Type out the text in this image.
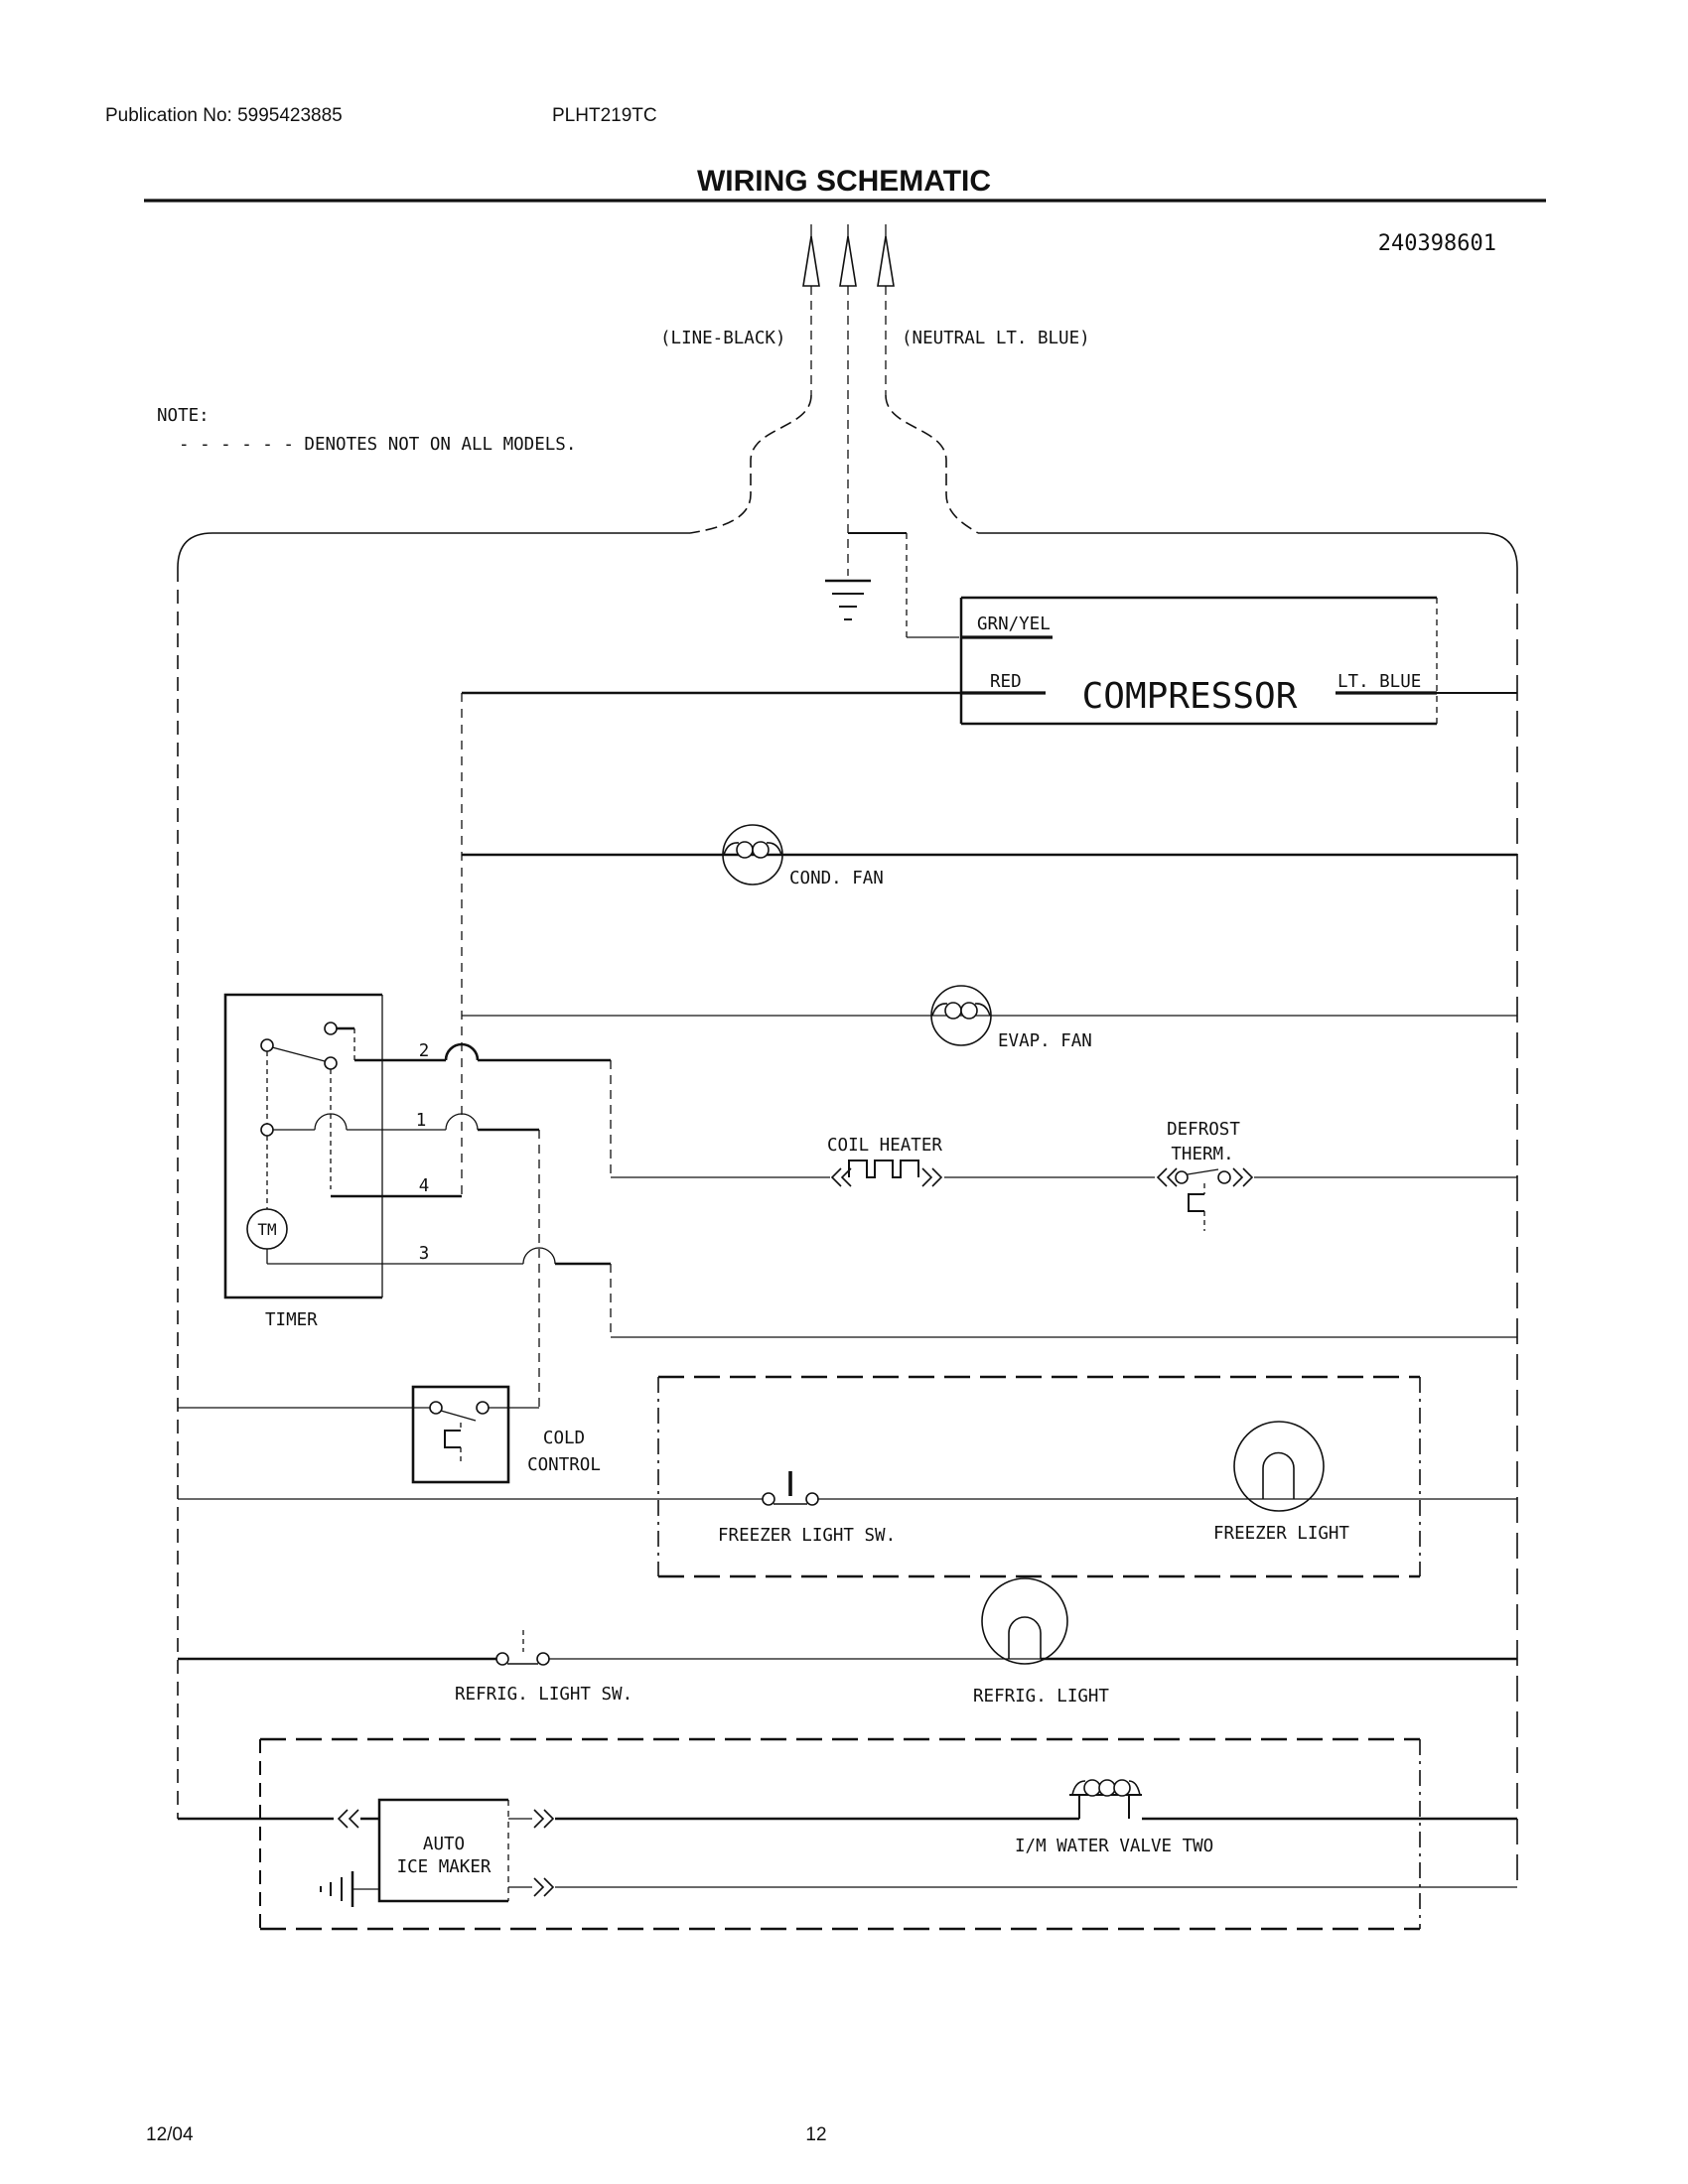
Publication No: 5995423885	PLHT219TC
WIRING SCHEMATIC
240398601
NOTE:
- - - - - - DENOTES NOT ON ALL MODELS.
(LINE-BLACK)	(NEUTRAL LT. BLUE)
GRN/YEL
RED COMPRESSOR LT. BLUE
COND. FAN
EVAP. FAN
TM
2
1
4
3
TIMER
COIL HEATER
DEFROST
THERM.
COLD
CONTROL
FREEZER LIGHT SW.	FREEZER LIGHT
REFRIG. LIGHT SW.	REFRIG. LIGHT
AUTO
ICE MAKER
I/M WATER VALVE TWO
12/04	12
